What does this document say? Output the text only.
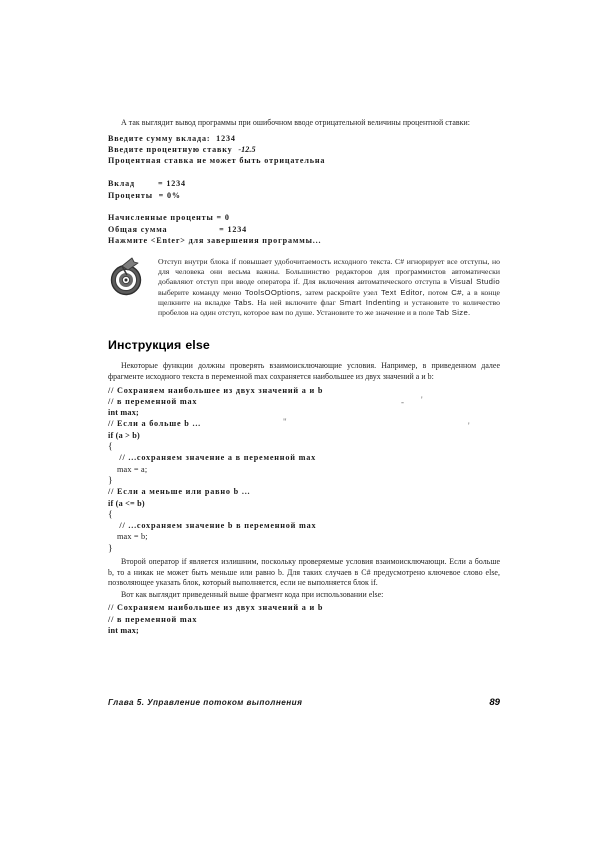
А так выглядит вывод программы при ошибочном вводе отрицательной величины процентной ставки:

Введите сумму вклада:  1234
Введите процентную ставку  -12.5
Процентная ставка не может быть отрицательна
Вклад        = 1234
Проценты  = 0%
Начисленные проценты = 0
Общая сумма                  = 1234
Нажмите <Enter> для завершения программы...
Отступ внутри блока if повышает удобочитаемость исходного текста. C# игнорирует все отступы, но для человека они весьма важны. Большинство редакторов для программистов автоматически добавляют отступ при вводе оператора if. Для включения автоматического отступа в Visual Studio выберите команду меню ToolsOOptions, затем раскройте узел Text Editor, потом C#, а в конце щелкните на вкладке Tabs. На ней включите флаг Smart Indenting и установите то количество пробелов на один отступ, которое вам по душе. Установите то же значение и в поле Tab Size.
Инструкция else

Некоторые функции должны проверять взаимоисключающие условия. Например, в приведенном далее фрагменте исходного текста в переменной max сохраняется наибольшее из двух значений a и b:

// Сохраняем наибольшее из двух значений a и b
// в переменной max
int max;
// Если a больше b ...
if (a > b)
{
// ...сохраняем значение a в переменной max
max = a;
}
// Если a меньше или равно b ...
if (a <= b)
{
// ...сохраняем значение b в переменной max
max = b;
}
- '
"	'

Второй оператор if является излишним, поскольку проверяемые условия взаимоисключающи. Если a больше b, то a никак не может быть меньше или равно b. Для таких случаев в C# предусмотрено ключевое слово else, позволяющее указать блок, который выполняется, если не выполняется блок if.

Вот как выглядит приведенный выше фрагмент кода при использовании else:

// Сохраняем наибольшее из двух значений a и b
// в переменной max
int max;
Глава 5. Управление потоком выполнения	89
